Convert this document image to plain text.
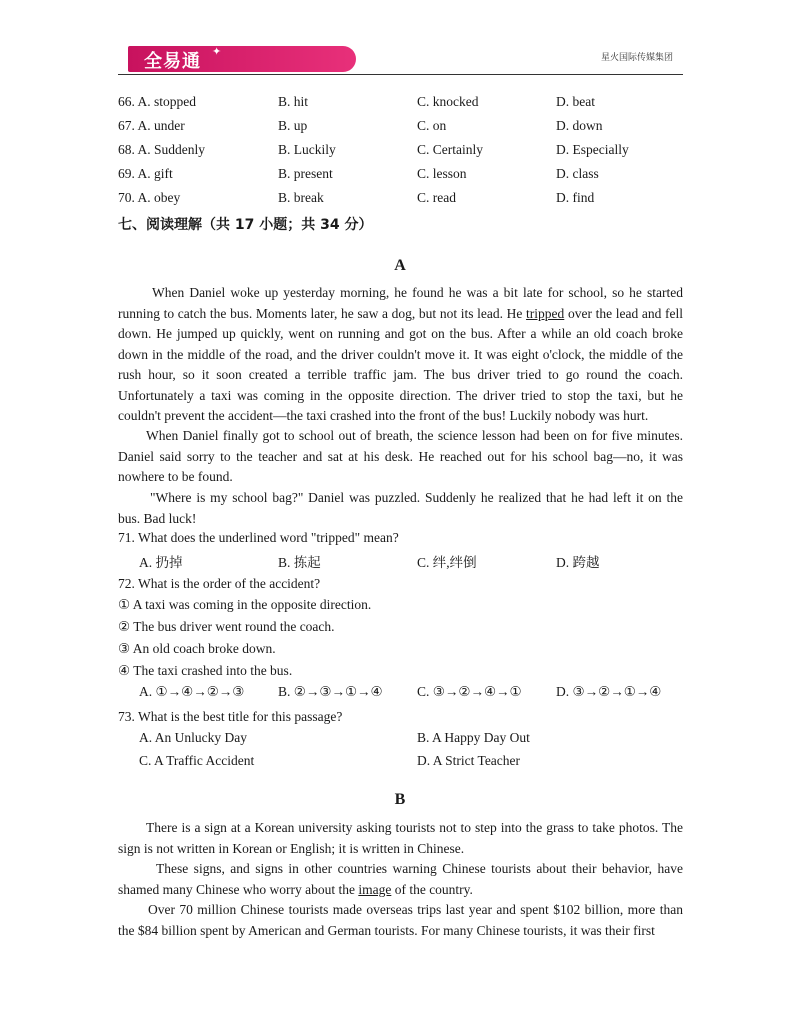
全易通 ✦	星火国际传媒集团
66. A. stopped	B. hit	C. knocked	D. beat
67. A. under	B. up	C. on	D. down
68. A. Suddenly	B. Luckily	C. Certainly	D. Especially
69. A. gift	B. present	C. lesson	D. class
70. A. obey	B. break	C. read	D. find
七、阅读理解（共 17 小题；共 34 分）
A

When Daniel woke up yesterday morning, he found he was a bit late for school, so he started running to catch the bus. Moments later, he saw a dog, but not its lead. He tripped over the lead and fell down. He jumped up quickly, went on running and got on the bus. After a while an old coach broke down in the middle of the road, and the driver couldn't move it. It was eight o'clock, the middle of the rush hour, so it soon created a terrible traffic jam. The bus driver tried to go round the coach. Unfortunately a taxi was coming in the opposite direction. The driver tried to stop the taxi, but he couldn't prevent the accident—the taxi crashed into the front of the bus! Luckily nobody was hurt.

When Daniel finally got to school out of breath, the science lesson had been on for five minutes. Daniel said sorry to the teacher and sat at his desk. He reached out for his school bag—no, it was nowhere to be found.

"Where is my school bag?" Daniel was puzzled. Suddenly he realized that he had left it on the bus. Bad luck!

71. What does the underlined word "tripped" mean?
A. 扔掉	B. 拣起	C. 绊,绊倒	D. 跨越
72. What is the order of the accident?
① A taxi was coming in the opposite direction.
② The bus driver went round the coach.
③ An old coach broke down.
④ The taxi crashed into the bus.
A. ①→④→②→③ B. ②→③→①→④	C. ③→②→④→①	D. ③→②→①→④
73. What is the best title for this passage?
A. An Unlucky Day	B. A Happy Day Out
C. A Traffic Accident	D. A Strict Teacher
B

There is a sign at a Korean university asking tourists not to step into the grass to take photos. The sign is not written in Korean or English; it is written in Chinese.

These signs, and signs in other countries warning Chinese tourists about their behavior, have shamed many Chinese who worry about the image of the country.

Over 70 million Chinese tourists made overseas trips last year and spent $102 billion, more than the $84 billion spent by American and German tourists. For many Chinese tourists, it was their first
